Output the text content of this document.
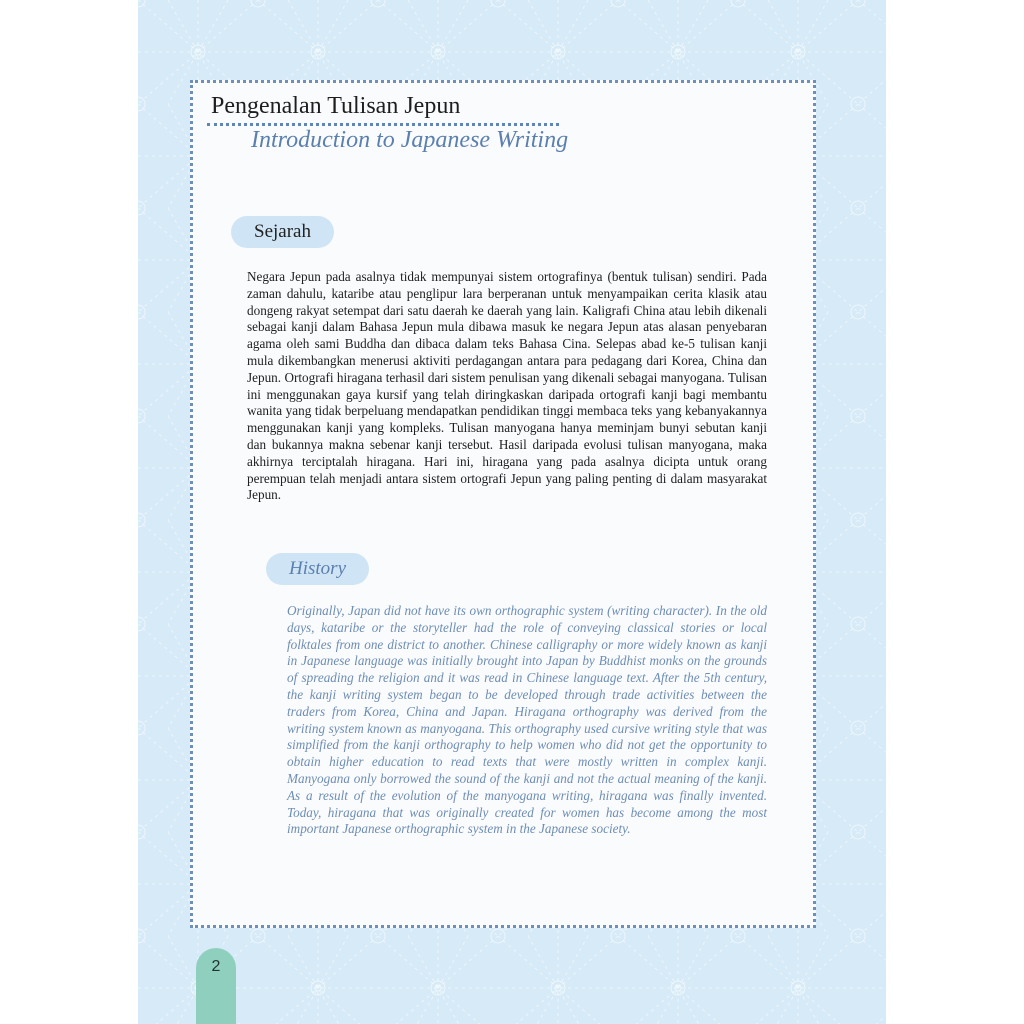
Pengenalan Tulisan Jepun
Introduction to Japanese Writing
Sejarah

Negara Jepun pada asalnya tidak mempunyai sistem ortografinya (bentuk tulisan) sendiri. Pada zaman dahulu, kataribe atau penglipur lara berperanan untuk menyampaikan cerita klasik atau dongeng rakyat setempat dari satu daerah ke daerah yang lain. Kaligrafi China atau lebih dikenali sebagai kanji dalam Bahasa Jepun mula dibawa masuk ke negara Jepun atas alasan penyebaran agama oleh sami Buddha dan dibaca dalam teks Bahasa Cina. Selepas abad ke-5 tulisan kanji mula dikembangkan menerusi aktiviti perdagangan antara para pedagang dari Korea, China dan Jepun. Ortografi hiragana terhasil dari sistem penulisan yang dikenali sebagai manyogana. Tulisan ini menggunakan gaya kursif yang telah diringkaskan daripada ortografi kanji bagi membantu wanita yang tidak berpeluang mendapatkan pendidikan tinggi membaca teks yang kebanyakannya menggunakan kanji yang kompleks. Tulisan manyogana hanya meminjam bunyi sebutan kanji dan bukannya makna sebenar kanji tersebut. Hasil daripada evolusi tulisan manyogana, maka akhirnya terciptalah hiragana. Hari ini, hiragana yang pada asalnya dicipta untuk orang perempuan telah menjadi antara sistem ortografi Jepun yang paling penting di dalam masyarakat Jepun.

History

Originally, Japan did not have its own orthographic system (writing character). In the old days, kataribe or the storyteller had the role of conveying classical stories or local folktales from one district to another. Chinese calligraphy or more widely known as kanji in Japanese language was initially brought into Japan by Buddhist monks on the grounds of spreading the religion and it was read in Chinese language text. After the 5th century, the kanji writing system began to be developed through trade activities between the traders from Korea, China and Japan. Hiragana orthography was derived from the writing system known as manyogana. This orthography used cursive writing style that was simplified from the kanji orthography to help women who did not get the opportunity to obtain higher education to read texts that were mostly written in complex kanji. Manyogana only borrowed the sound of the kanji and not the actual meaning of the kanji. As a result of the evolution of the manyogana writing, hiragana was finally invented. Today, hiragana that was originally created for women has become among the most important Japanese orthographic system in the Japanese society.

2
